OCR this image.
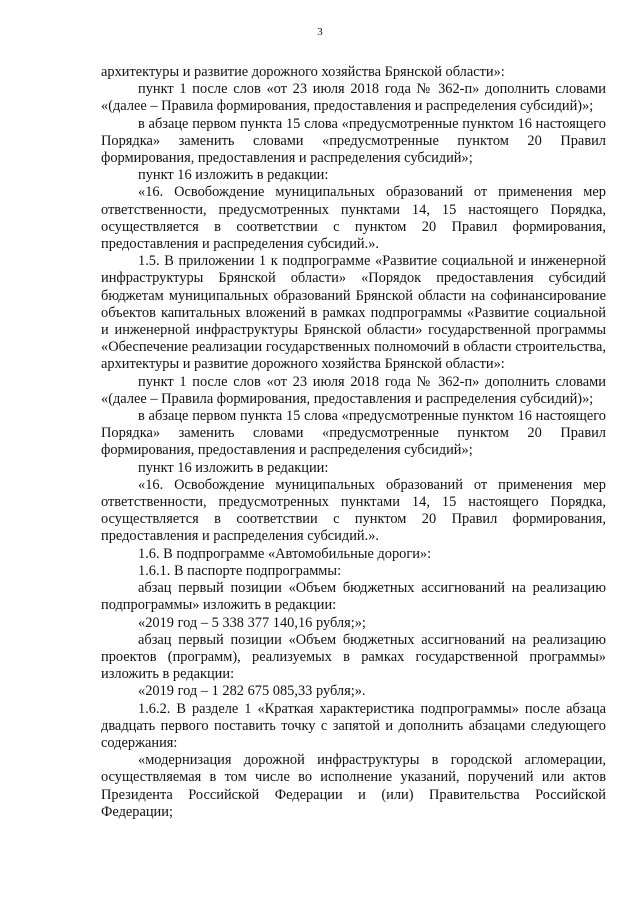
3

архитектуры и развитие дорожного хозяйства Брянской области»:

пункт 1 после слов «от 23 июля 2018 года № 362-п» дополнить словами «(далее – Правила формирования, предоставления и распределения субсидий)»;

в абзаце первом пункта 15 слова «предусмотренные пунктом 16 настоящего Порядка» заменить словами «предусмотренные пунктом 20 Правил формирования, предоставления и распределения субсидий»;

пункт 16 изложить в редакции:

«16. Освобождение муниципальных образований от применения мер ответственности, предусмотренных пунктами 14, 15 настоящего Порядка, осуществляется в соответствии с пунктом 20 Правил формирования, предоставления и распределения субсидий.».

1.5. В приложении 1 к подпрограмме «Развитие социальной и инженерной инфраструктуры Брянской области» «Порядок предоставления субсидий бюджетам муниципальных образований Брянской области на софинансирование объектов капитальных вложений в рамках подпрограммы «Развитие социальной и инженерной инфраструктуры Брянской области» государственной программы «Обеспечение реализации государственных полномочий в области строительства, архитектуры и развитие дорожного хозяйства Брянской области»:

пункт 1 после слов «от 23 июля 2018 года № 362-п» дополнить словами «(далее – Правила формирования, предоставления и распределения субсидий)»;

в абзаце первом пункта 15 слова «предусмотренные пунктом 16 настоящего Порядка» заменить словами «предусмотренные пунктом 20 Правил формирования, предоставления и распределения субсидий»;

пункт 16 изложить в редакции:

«16. Освобождение муниципальных образований от применения мер ответственности, предусмотренных пунктами 14, 15 настоящего Порядка, осуществляется в соответствии с пунктом 20 Правил формирования, предоставления и распределения субсидий.».

1.6. В подпрограмме «Автомобильные дороги»:

1.6.1. В паспорте подпрограммы:

абзац первый позиции «Объем бюджетных ассигнований на реализацию подпрограммы» изложить в редакции:

«2019 год – 5 338 377 140,16 рубля;»;

абзац первый позиции «Объем бюджетных ассигнований на реализацию проектов (программ), реализуемых в рамках государственной программы» изложить в редакции:

«2019 год – 1 282 675 085,33 рубля;».

1.6.2. В разделе 1 «Краткая характеристика подпрограммы» после абзаца двадцать первого поставить точку с запятой и дополнить абзацами следующего содержания:

«модернизация дорожной инфраструктуры в городской агломерации, осуществляемая в том числе во исполнение указаний, поручений или актов Президента Российской Федерации и (или) Правительства Российской Федерации;
